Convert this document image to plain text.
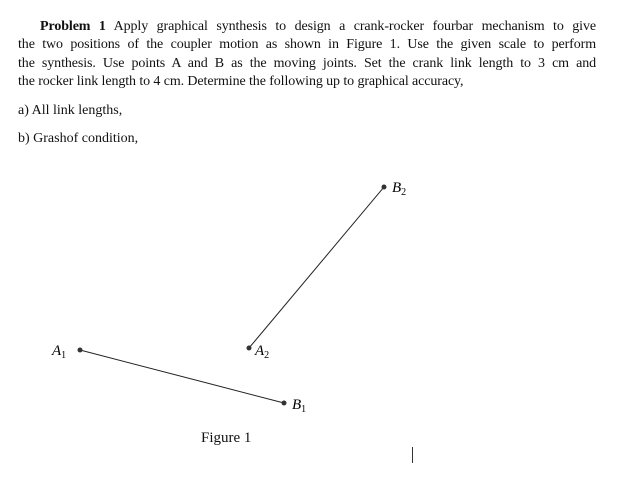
Problem 1 Apply graphical synthesis to design a crank-rocker fourbar mechanism to give
the two positions of the coupler motion as shown in Figure 1. Use the given scale to perform
the synthesis. Use points A and B as the moving joints. Set the crank link length to 3 cm and
the rocker link length to 4 cm. Determine the following up to graphical accuracy,
a) All link lengths,
b) Grashof condition,
$A_1$	$A_2$
$B_1$
$B_2$
Figure 1
